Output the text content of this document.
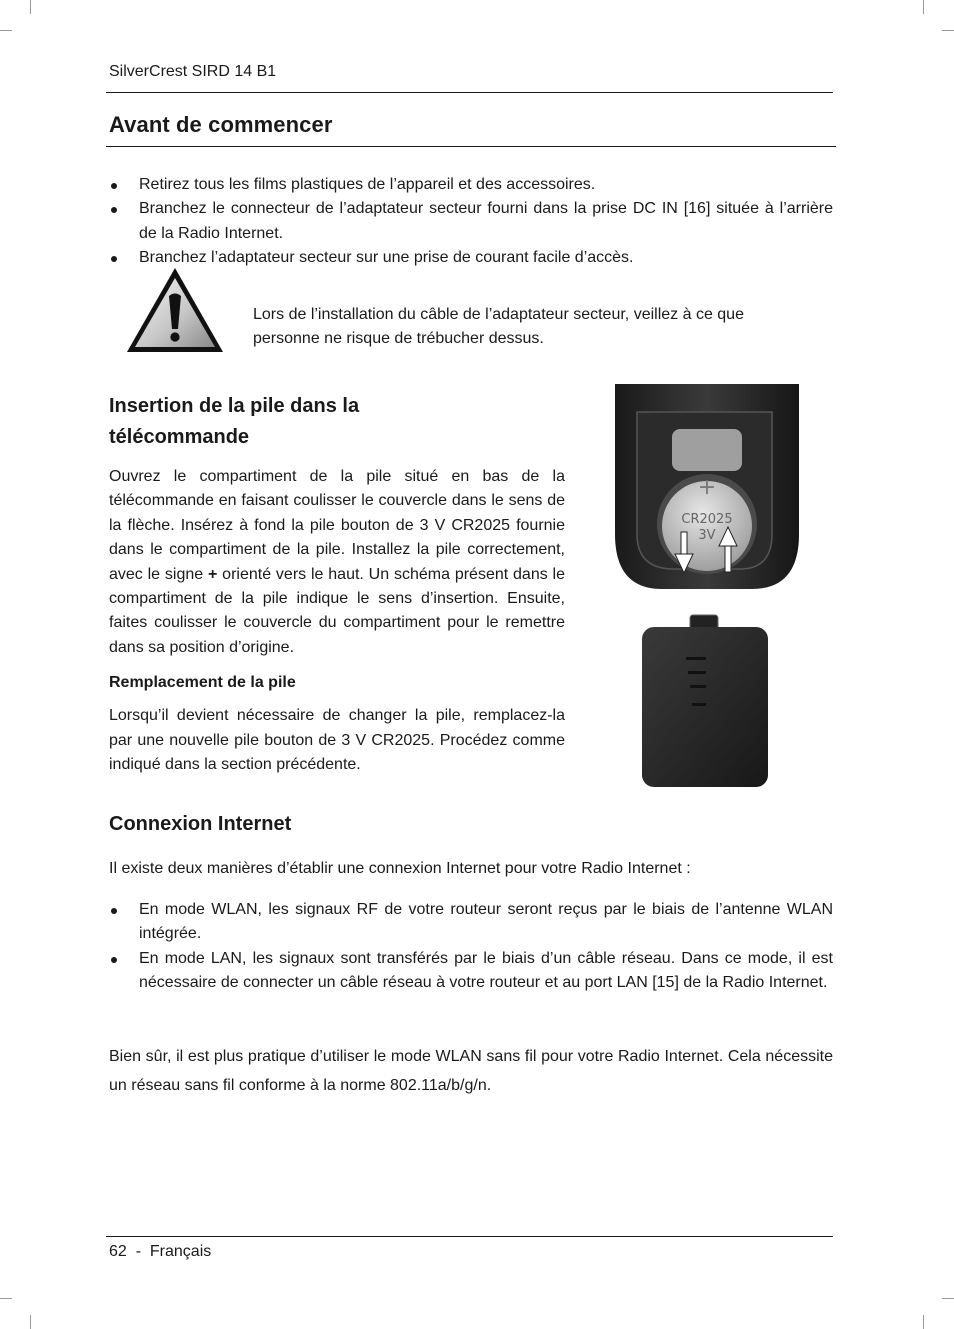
SilverCrest SIRD 14 B1
Avant de commencer
Retirez tous les films plastiques de l’appareil et des accessoires.
Branchez le connecteur de l’adaptateur secteur fourni dans la prise DC IN [16] située à l’arrière de la Radio Internet.
Branchez l’adaptateur secteur sur une prise de courant facile d’accès.

Lors de l’installation du câble de l’adaptateur secteur, veillez à ce que personne ne risque de trébucher dessus.

Insertion de la pile dans la
télécommande

Ouvrez le compartiment de la pile situé en bas de la télécommande en faisant coulisser le couvercle dans le sens de la flèche. Insérez à fond la pile bouton de 3 V CR2025 fournie dans le compartiment de la pile. Installez la pile correctement, avec le signe + orienté vers le haut. Un schéma présent dans le compartiment de la pile indique le sens d’insertion. Ensuite, faites coulisser le couvercle du compartiment pour le remettre dans sa position d’origine.

Remplacement de la pile

Lorsqu’il devient nécessaire de changer la pile, remplacez-la par une nouvelle pile bouton de 3 V CR2025. Procédez comme indiqué dans la section précédente.

+
CR2025
3V
Connexion Internet

Il existe deux manières d’établir une connexion Internet pour votre Radio Internet :

En mode WLAN, les signaux RF de votre routeur seront reçus par le biais de l’antenne WLAN intégrée.
En mode LAN, les signaux sont transférés par le biais d’un câble réseau. Dans ce mode, il est nécessaire de connecter un câble réseau à votre routeur et au port LAN [15] de la Radio Internet.

Bien sûr, il est plus pratique d’utiliser le mode WLAN sans fil pour votre Radio Internet. Cela nécessite un réseau sans fil conforme à la norme 802.11a/b/g/n.

62  -  Français
